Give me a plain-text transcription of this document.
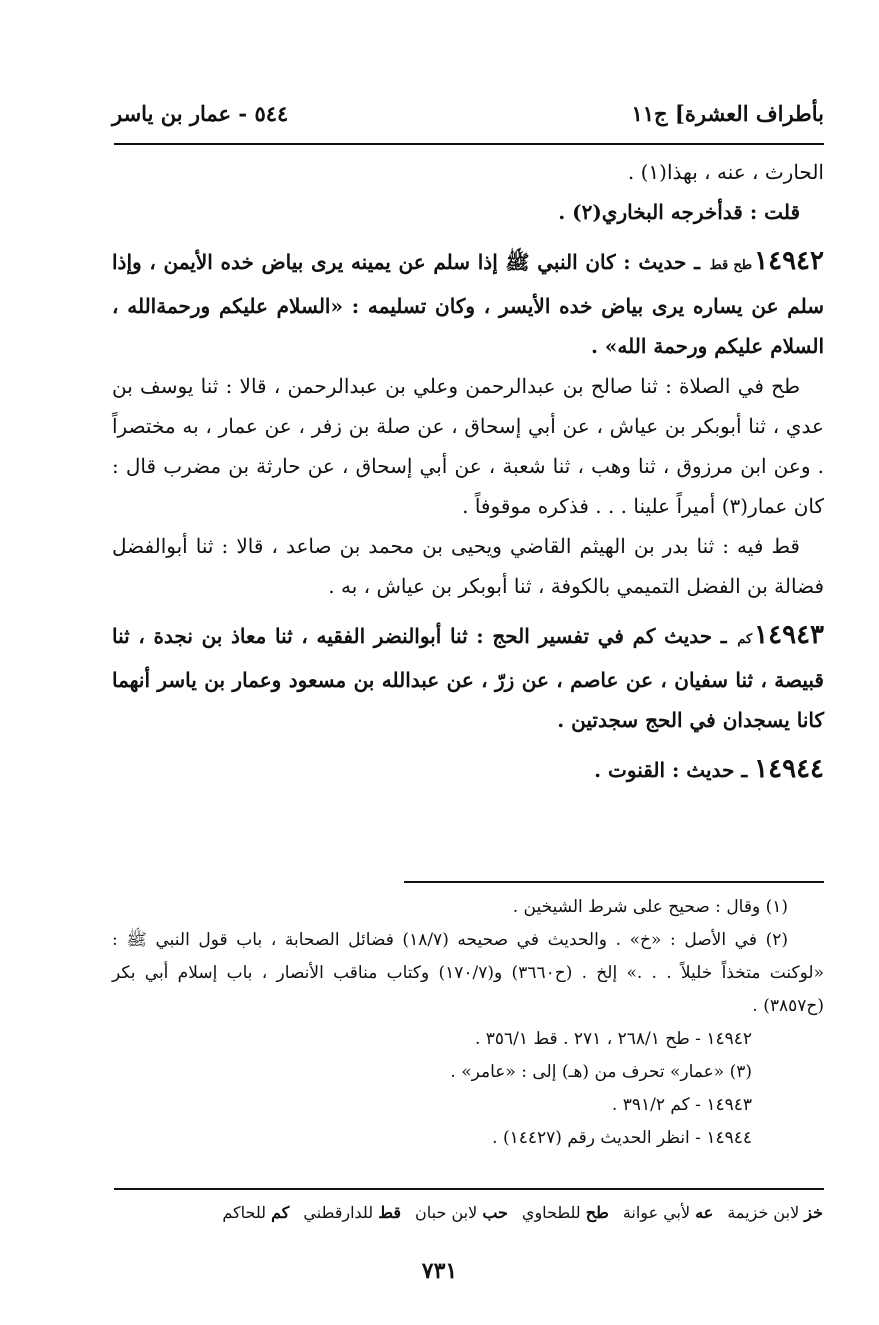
بأطراف العشرة] ج١١
٥٤٤ - عمار بن ياسر

الحارث ، عنه ، بهذا(١) .

قلت : قدأخرجه البخاري(٢) .

١٤٩٤٢طح قط ـ حديث : كان النبي ﷺ إذا سلم عن يمينه يرى بياض خده الأيمن ، وإذا سلم عن يساره يرى بياض خده الأيسر ، وكان تسليمه : «السلام عليكم ورحمةالله ، السلام عليكم ورحمة الله» .

طح في الصلاة : ثنا صالح بن عبدالرحمن وعلي بن عبدالرحمن ، قالا : ثنا يوسف بن عدي ، ثنا أبوبكر بن عياش ، عن أبي إسحاق ، عن صلة بن زفر ، عن عمار ، به مختصراً . وعن ابن مرزوق ، ثنا وهب ، ثنا شعبة ، عن أبي إسحاق ، عن حارثة بن مضرب قال : كان عمار(٣) أميراً علينا . . . فذكره موقوفاً .

قط فيه : ثنا بدر بن الهيثم القاضي ويحيى بن محمد بن صاعد ، قالا : ثنا أبوالفضل فضالة بن الفضل التميمي بالكوفة ، ثنا أبوبكر بن عياش ، به .

١٤٩٤٣كم ـ حديث كم في تفسير الحج : ثنا أبوالنضر الفقيه ، ثنا معاذ بن نجدة ، ثنا قبيصة ، ثنا سفيان ، عن عاصم ، عن زرّ ، عن عبدالله بن مسعود وعمار بن ياسر أنهما كانا يسجدان في الحج سجدتين .

١٤٩٤٤ ـ حديث : القنوت .

(١) وقال : صحيح على شرط الشيخين .

(٢) في الأصل : «خ» . والحديث في صحيحه (١٨/٧) فضائل الصحابة ، باب قول النبي ﷺ : «لوكنت متخذاً خليلاً . . .» إلخ . (ح٣٦٦٠) و(١٧٠/٧) وكتاب مناقب الأنصار ، باب إسلام أبي بكر (ح٣٨٥٧) .

١٤٩٤٢ - طح ٢٦٨/١ ، ٢٧١ . قط ٣٥٦/١ .

(٣) «عمار» تحرف من (هـ) إلى : «عامر» .

١٤٩٤٣ - كم ٣٩١/٢ .

١٤٩٤٤ - انظر الحديث رقم (١٤٤٢٧) .

خز لابن خزيمة
عه لأبي عوانة
طح للطحاوي
حب لابن حبان
قط للدارقطني
كم للحاكم
٧٣١
